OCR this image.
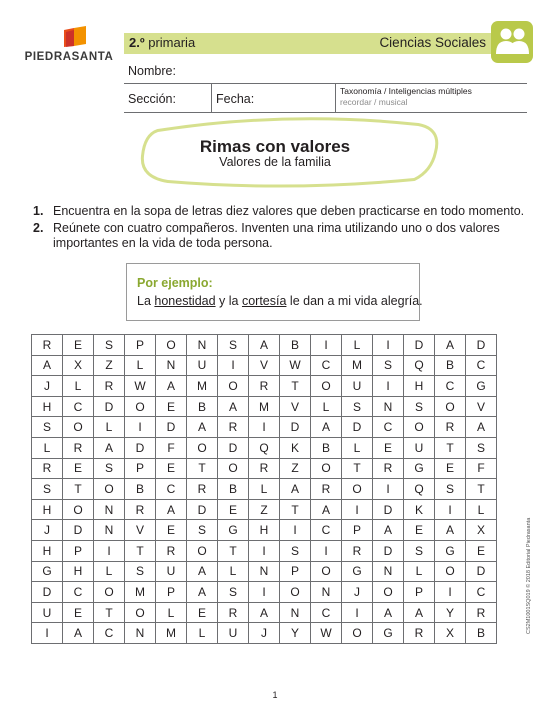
PIEDRASANTA
2.º primaria	Ciencias Sociales
Nombre:
Sección:	Fecha:
Taxonomía / Inteligencias múltiples
recordar / musical
Rimas con valores
Valores de la familia
1. Encuentra en la sopa de letras diez valores que deben practicarse en todo momento.
2. Reúnete con cuatro compañeros. Inventen una rima utilizando uno o dos valores
importantes en la vida de toda persona.
Por ejemplo:
La honestidad y la cortesía le dan a mi vida alegría.
R	E	S	P	O	N	S	A	B	I	L	I	D	A	D
A	X	Z	L	N	U	I	V	W	C	M	S	Q	B	C
J	L	R	W	A	M	O	R	T	O	U	I	H	C	G
H	C	D	O	E	B	A	M	V	L	S	N	S	O	V
S	O	L	I	D	A	R	I	D	A	D	C	O	R	A
L	R	A	D	F	O	D	Q	K	B	L	E	U	T	S
R	E	S	P	E	T	O	R	Z	O	T	R	G	E	F
S	T	O	B	C	R	B	L	A	R	O	I	Q	S	T
H	O	N	R	A	D	E	Z	T	A	I	D	K	I	L
J	D	N	V	E	S	G	H	I	C	P	A	E	A	X
H	P	I	T	R	O	T	I	S	I	R	D	S	G	E
G	H	L	S	U	A	L	N	P	O	G	N	L	O	D
D	C	O	M	P	A	S	I	O	N	J	O	P	I	C
U	E	T	O	L	E	R	A	N	C	I	A	A	Y	R
I	A	C	N	M	L	U	J	Y	W	O	G	R	X	B	CS2M1001SQ019 © 2018 Editorial Piedrasanta
1
